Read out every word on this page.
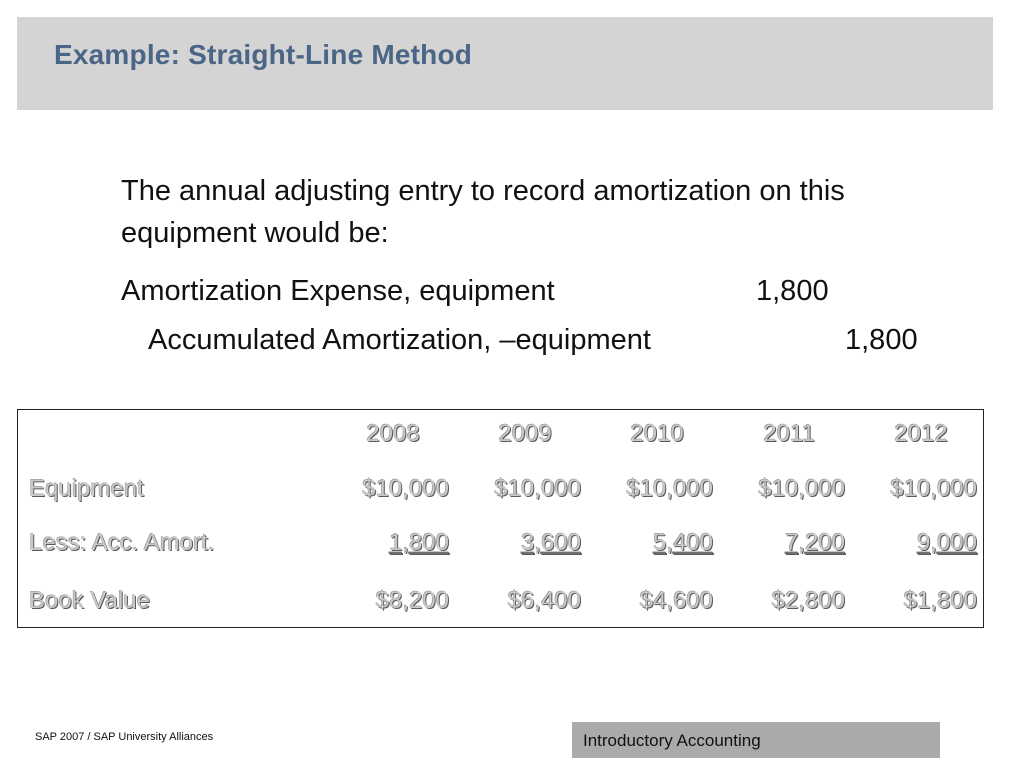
Example: Straight-Line Method
The annual adjusting entry to record amortization on this equipment would be:
Amortization Expense, equipment	1,800
Accumulated Amortization, –equipment	1,800
2008	2009	2010	2011	2012
Equipment	$10,000 $10,000 $10,000 $10,000 $10,000
Less: Acc. Amort.	1,800	3,600	5,400	7,200	9,000
Book Value	$8,200 $6,400 $4,600 $2,800 $1,800
SAP 2007 / SAP University Alliances	Introductory Accounting
